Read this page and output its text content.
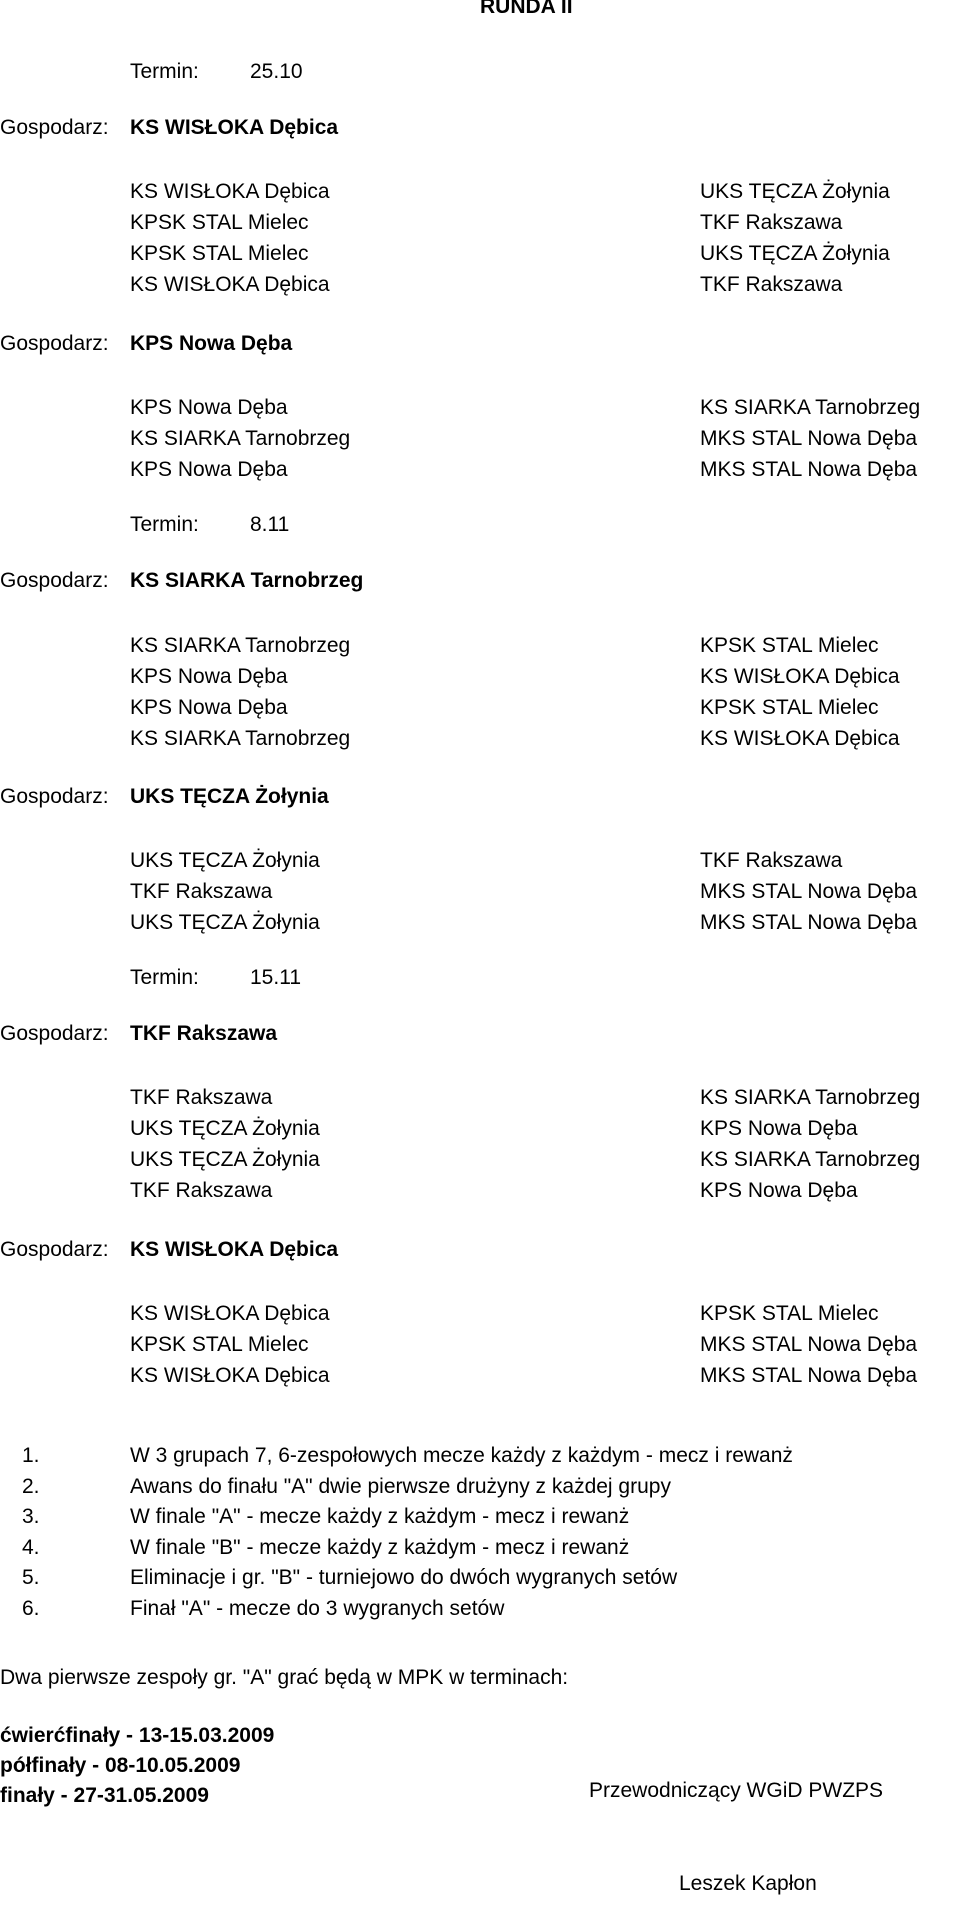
RUNDA II
Termin: 25.10
Gospodarz: KS WISŁOKA Dębica
KS WISŁOKA Dębica	UKS TĘCZA Żołynia
KPSK STAL Mielec	TKF Rakszawa
KPSK STAL Mielec	UKS TĘCZA Żołynia
KS WISŁOKA Dębica	TKF Rakszawa
Gospodarz: KPS Nowa Dęba
KPS Nowa Dęba	KS SIARKA Tarnobrzeg
KS SIARKA Tarnobrzeg	MKS STAL Nowa Dęba
KPS Nowa Dęba	MKS STAL Nowa Dęba
Termin: 8.11
Gospodarz: KS SIARKA Tarnobrzeg
KS SIARKA Tarnobrzeg	KPSK STAL Mielec
KPS Nowa Dęba	KS WISŁOKA Dębica
KPS Nowa Dęba	KPSK STAL Mielec
KS SIARKA Tarnobrzeg	KS WISŁOKA Dębica
Gospodarz: UKS TĘCZA Żołynia
UKS TĘCZA Żołynia	TKF Rakszawa
TKF Rakszawa	MKS STAL Nowa Dęba
UKS TĘCZA Żołynia	MKS STAL Nowa Dęba
Termin: 15.11
Gospodarz: TKF Rakszawa
TKF Rakszawa	KS SIARKA Tarnobrzeg
UKS TĘCZA Żołynia	KPS Nowa Dęba
UKS TĘCZA Żołynia	KS SIARKA Tarnobrzeg
TKF Rakszawa	KPS Nowa Dęba
Gospodarz: KS WISŁOKA Dębica
KS WISŁOKA Dębica	KPSK STAL Mielec
KPSK STAL Mielec	MKS STAL Nowa Dęba
KS WISŁOKA Dębica	MKS STAL Nowa Dęba
1.	W 3 grupach 7, 6-zespołowych mecze każdy z każdym - mecz i rewanż
2.	Awans do finału "A" dwie pierwsze drużyny z każdej grupy
3.	W finale "A" - mecze każdy z każdym - mecz i rewanż
4.	W finale "B" - mecze każdy z każdym - mecz i rewanż
5.	Eliminacje i gr. "B" - turniejowo do dwóch wygranych setów
6.	Finał "A" - mecze do 3 wygranych setów
Dwa pierwsze zespoły gr. "A" grać będą w MPK w terminach:
ćwierćfinały - 13-15.03.2009
półfinały - 08-10.05.2009
finały - 27-31.05.2009	Przewodniczący WGiD PWZPS
Leszek Kapłon
